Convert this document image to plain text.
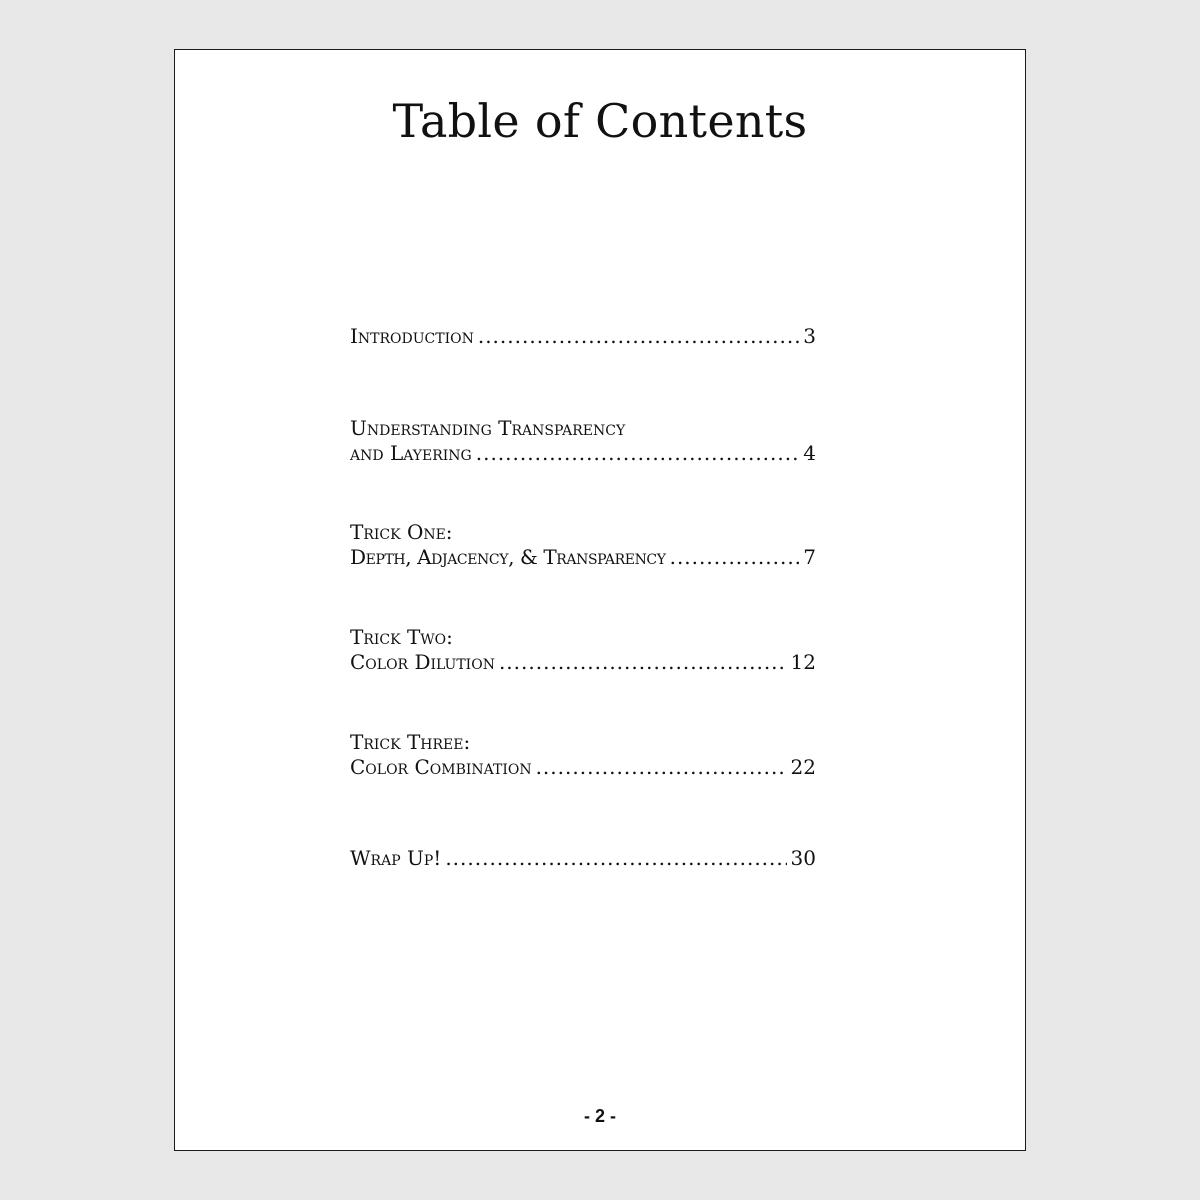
Table of Contents
Introduction .....	3
Understanding Transparency
and Layering .....	4
Trick One:
Depth, Adjacency, & Transparency .....	7
Trick Two:
Color Dilution .....	12
Trick Three:
Color Combination .....	22
Wrap Up! .....	30
- 2 -
